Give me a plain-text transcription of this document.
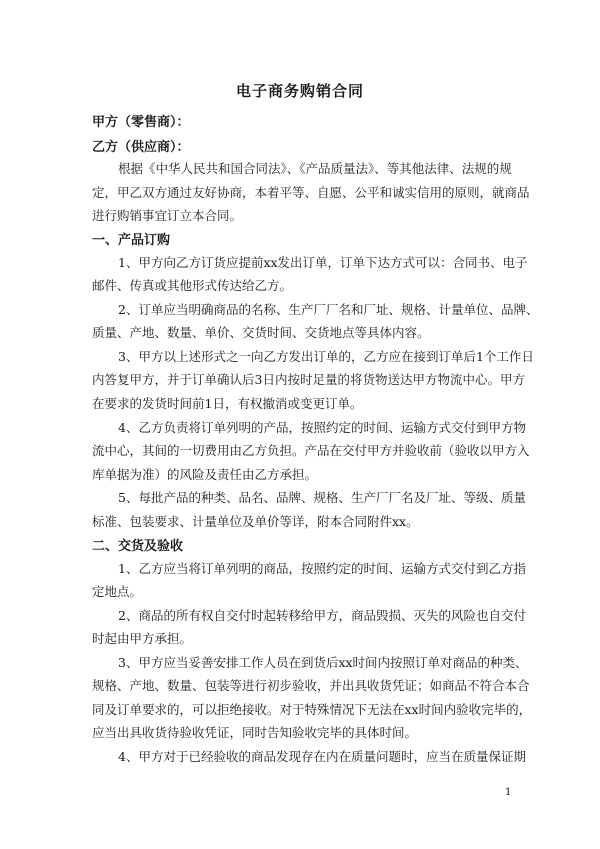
电子商务购销合同
甲方（零售商）：
乙方（供应商）：
根据《中华人民共和国合同法》、《产品质量法》、等其他法律、法规的规
定，甲乙双方通过友好协商，本着平等、自愿、公平和诚实信用的原则，就商品
进行购销事宜订立本合同。
一、产品订购
1、甲方向乙方订货应提前xx发出订单，订单下达方式可以：合同书、电子
邮件、传真或其他形式传达给乙方。
2、订单应当明确商品的名称、生产厂厂名和厂址、规格、计量单位、品牌、
质量、产地、数量、单价、交货时间、交货地点等具体内容。
3、甲方以上述形式之一向乙方发出订单的，乙方应在接到订单后1个工作日
内答复甲方，并于订单确认后3日内按时足量的将货物送达甲方物流中心。甲方
在要求的发货时间前1日，有权撤消或变更订单。
4、乙方负责将订单列明的产品，按照约定的时间、运输方式交付到甲方物
流中心，其间的一切费用由乙方负担。产品在交付甲方并验收前（验收以甲方入
库单据为准）的风险及责任由乙方承担。
5、每批产品的种类、品名、品牌、规格、生产厂厂名及厂址、等级、质量
标准、包装要求、计量单位及单价等详，附本合同附件xx。
二、交货及验收
1、乙方应当将订单列明的商品，按照约定的时间、运输方式交付到乙方指
定地点。
2、商品的所有权自交付时起转移给甲方，商品毁损、灭失的风险也自交付
时起由甲方承担。
3、甲方应当妥善安排工作人员在到货后xx时间内按照订单对商品的种类、
规格、产地、数量、包装等进行初步验收，并出具收货凭证；如商品不符合本合
同及订单要求的，可以拒绝接收。对于特殊情况下无法在xx时间内验收完毕的，
应当出具收货待验收凭证，同时告知验收完毕的具体时间。
4、甲方对于已经验收的商品发现存在内在质量问题时，应当在质量保证期
1
